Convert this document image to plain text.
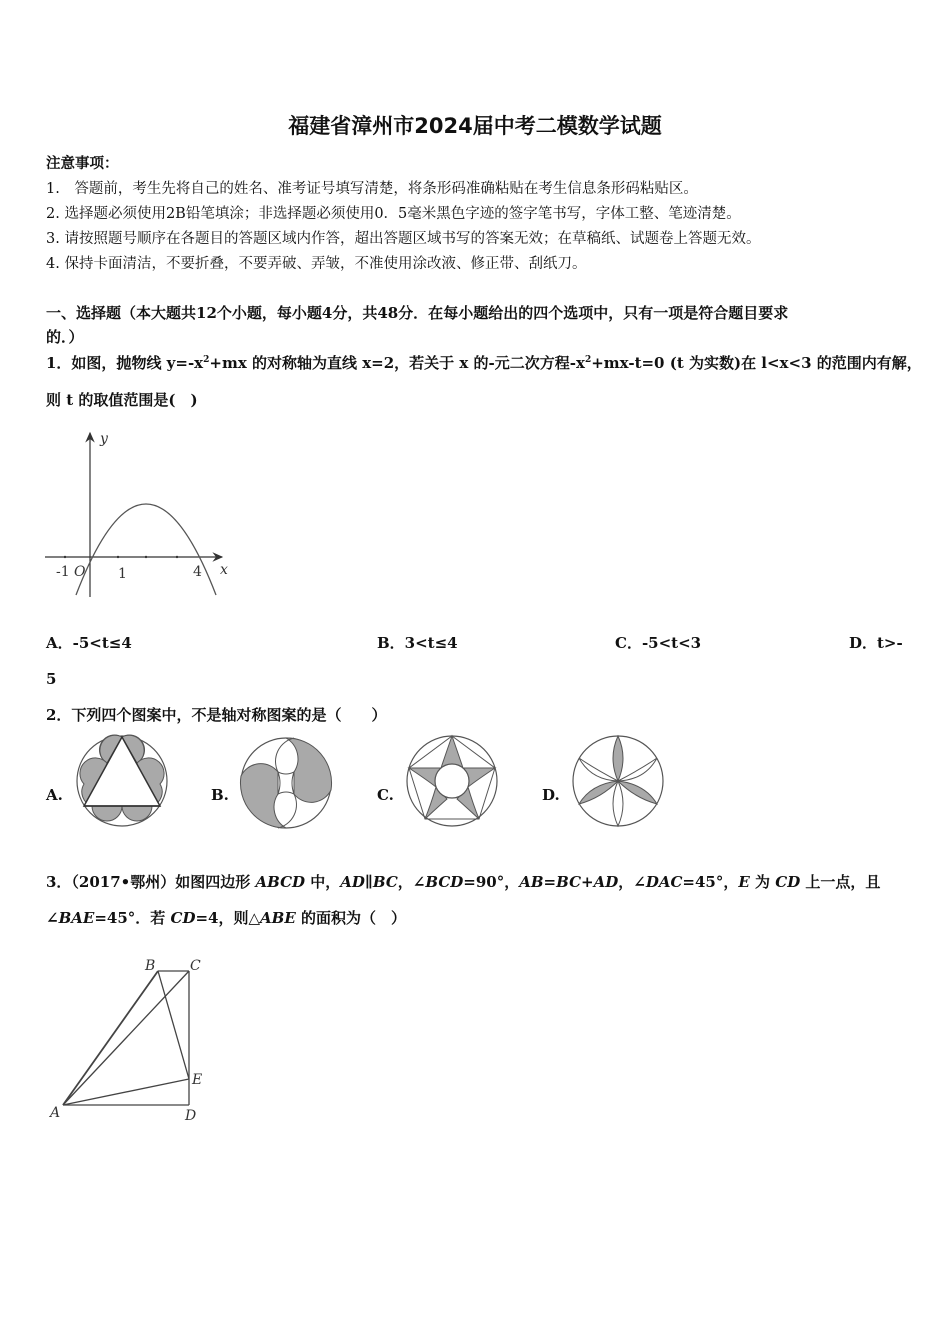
福建省漳州市2024届中考二模数学试题
注意事项：
1.　答题前，考生先将自己的姓名、准考证号填写清楚，将条形码准确粘贴在考生信息条形码粘贴区。
2. 选择题必须使用2B铅笔填涂；非选择题必须使用0．5毫米黑色字迹的签字笔书写，字体工整、笔迹清楚。
3. 请按照题号顺序在各题目的答题区域内作答，超出答题区域书写的答案无效；在草稿纸、试题卷上答题无效。
4. 保持卡面清洁，不要折叠，不要弄破、弄皱，不准使用涂改液、修正带、刮纸刀。
一、选择题（本大题共12个小题，每小题4分，共48分．在每小题给出的四个选项中，只有一项是符合题目要求
的．）
1．如图，抛物线 $y=-x^2+mx$ 的对称轴为直线 x=2，若关于 x 的-元二次方程$-x^2+mx-t=0$ (t 为实数)在 l<x<3 的范围内有解，
则 t 的取值范围是(　)
y
x
-1 O 1	4
A．-5<t≤4	B．3<t≤4	C．-5<t<3	D．t>-
5
2．下列四个图案中，不是轴对称图案的是（　　）
A.	B.	C.	D.
3．（2017•鄂州）如图四边形 ABCD 中，AD∥BC，∠BCD=90°，AB=BC+AD，∠DAC=45°，E 为 CD 上一点，且
∠BAE=45°．若 CD=4，则△ABE 的面积为（　）
B C
E
A	D
